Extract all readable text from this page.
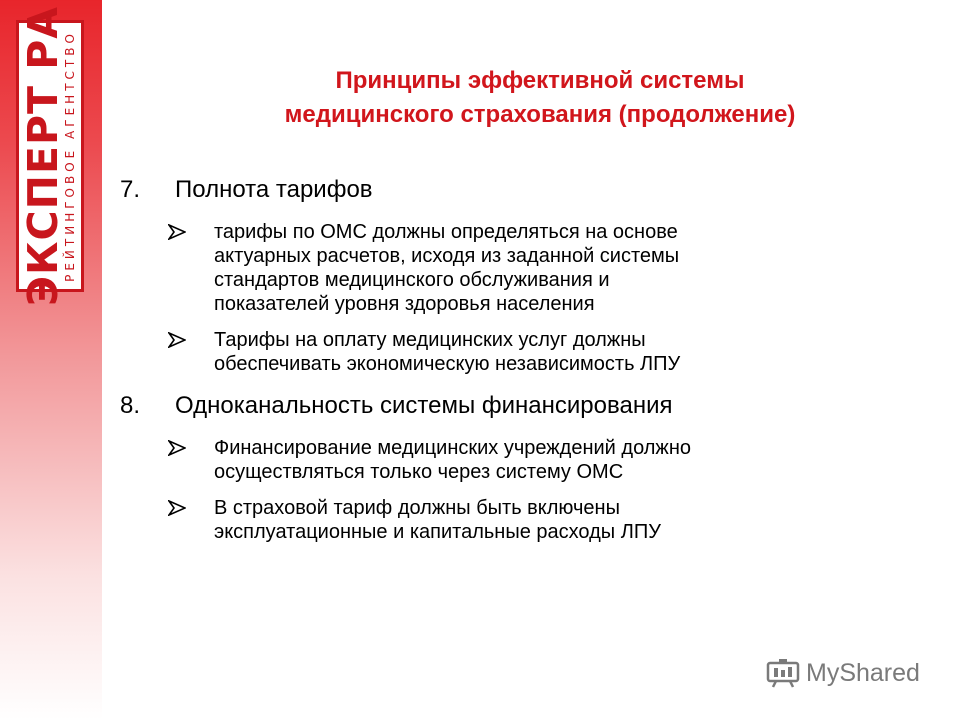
ЭКСПЕРТ РА
РЕЙТИНГОВОЕ АГЕНТСТВО	Принципы эффективной системы
медицинского страхования (продолжение)
7. Полнота тарифов
тарифы по ОМС должны определяться на основе
актуарных расчетов, исходя из заданной системы
стандартов медицинского обслуживания и
показателей уровня здоровья населения
Тарифы на оплату медицинских услуг должны
обеспечивать экономическую независимость ЛПУ
8. Одноканальность системы финансирования
Финансирование медицинских учреждений должно
осуществляться только через систему ОМС
В страховой тариф должны быть включены
эксплуатационные и капитальные расходы ЛПУ
MyShared
